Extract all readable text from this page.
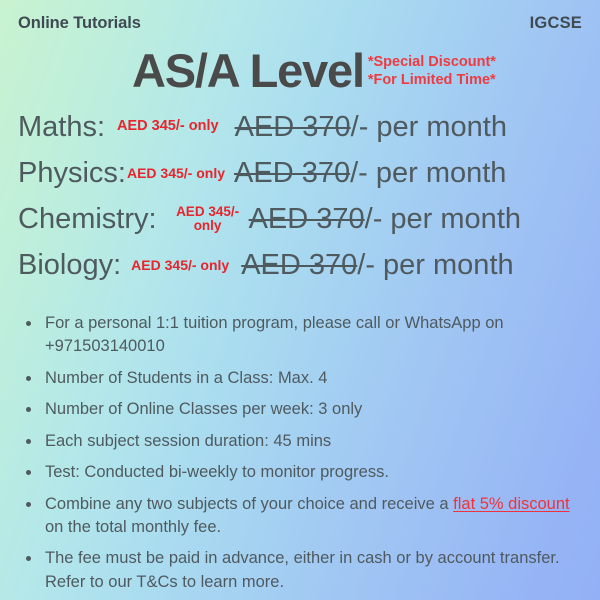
Online Tutorials	IGCSE
AS/A Level *Special Discount*
*For Limited Time*
Maths: AED 345/- only AED 370/- per month
Physics: AED 345/- only AED 370/- per month
Chemistry:	AED 345/- only AED 370/- per month
Biology: AED 345/- only AED 370/- per month
For a personal 1:1 tuition program, please call or WhatsApp on +971503140010
Number of Students in a Class: Max. 4
Number of Online Classes per week: 3 only
Each subject session duration: 45 mins
Test: Conducted bi-weekly to monitor progress.
Combine any two subjects of your choice and receive a flat 5% discount on the total monthly fee.
The fee must be paid in advance, either in cash or by account transfer. Refer to our T&Cs to learn more.
